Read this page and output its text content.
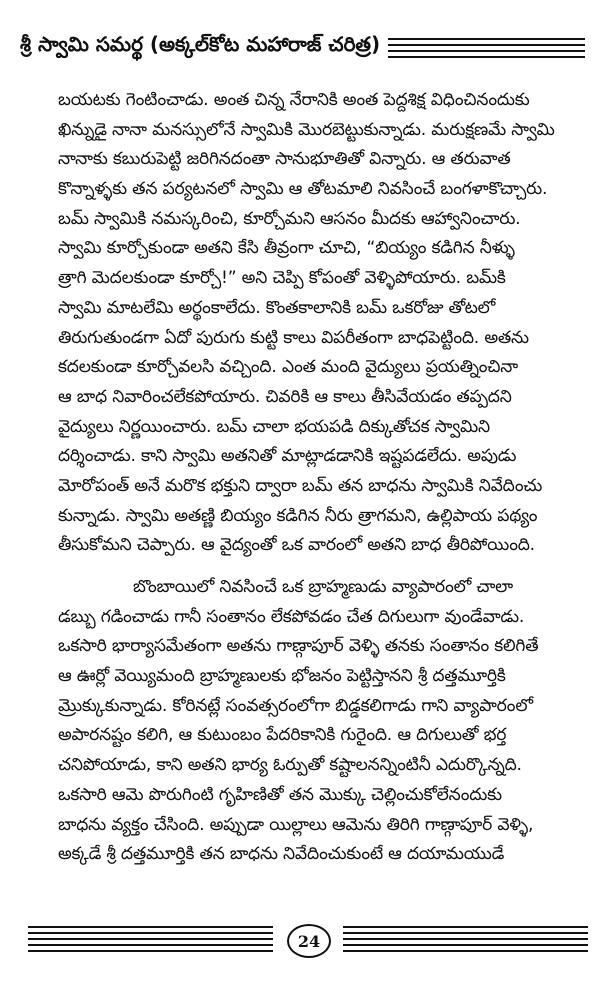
శ్రీ స్వామి సమర్థ (అక్కల్‌కోట మహారాజ్ చరిత్ర)
బయటకు గెంటించాడు. అంత చిన్న నేరానికి అంత పెద్దశిక్ష విధించినందుకు
ఖిన్నుడై నానా మనస్సులోనే స్వామికి మొరబెట్టుకున్నాడు. మరుక్షణమే స్వామి
నానాకు కబురుపెట్టి జరిగినదంతా సానుభూతితో విన్నారు. ఆ తరువాత
కొన్నాళ్ళకు తన పర్యటనలో స్వామి ఆ తోటమాలి నివసించే బంగళాకొచ్చారు.
బమ్ స్వామికి నమస్కరించి, కూర్చోమని ఆసనం మీదకు ఆహ్వానించారు.
స్వామి కూర్చోకుండా అతని కేసి తీవ్రంగా చూచి, “బియ్యం కడిగిన నీళ్ళు
త్రాగి మెదలకుండా కూర్చో!” అని చెప్పి కోపంతో వెళ్ళిపోయారు. బమ్‌కి
స్వామి మాటలేమి అర్థంకాలేదు. కొంతకాలానికి బమ్ ఒకరోజు తోటలో
తిరుగుతుండగా ఏదో పురుగు కుట్టి కాలు విపరీతంగా బాధపెట్టింది. అతను
కదలకుండా కూర్చోవలసి వచ్చింది. ఎంత మంది వైద్యులు ప్రయత్నించినా
ఆ బాధ నివారించలేకపోయారు. చివరికి ఆ కాలు తీసివేయడం తప్పదని
వైద్యులు నిర్ణయించారు. బమ్ చాలా భయపడి దిక్కుతోచక స్వామిని
దర్శించాడు. కాని స్వామి అతనితో మాట్లాడడానికి ఇష్టపడలేదు. అపుడు
మోరోపంత్ అనే మరొక భక్తుని ద్వారా బమ్ తన బాధను స్వామికి నివేదించు
కున్నాడు. స్వామి అతణ్ణి బియ్యం కడిగిన నీరు త్రాగమని, ఉల్లిపాయ పథ్యం
తీసుకోమని చెప్పారు. ఆ వైద్యంతో ఒక వారంలో అతని బాధ తీరిపోయింది.
బొంబాయిలో నివసించే ఒక బ్రాహ్మణుడు వ్యాపారంలో చాలా
డబ్బు గడించాడు గానీ సంతానం లేకపోవడం చేత దిగులుగా వుండేవాడు.
ఒకసారి భార్యాసమేతంగా అతను గాణ్గాపూర్ వెళ్ళి తనకు సంతానం కలిగితే
ఆ ఊర్లో వెయ్యిమంది బ్రాహ్మణులకు భోజనం పెట్టిస్తానని శ్రీ దత్తమూర్తికి
మ్రొక్కుకున్నాడు. కోరినట్లే సంవత్సరంలోగా బిడ్డకలిగాడు గాని వ్యాపారంలో
అపారనష్టం కలిగి, ఆ కుటుంబం పేదరికానికి గురైంది. ఆ దిగులుతో భర్త
చనిపోయాడు, కాని అతని భార్య ఓర్పుతో కష్టాలనన్నింటినీ ఎదుర్కొన్నది.
ఒకసారి ఆమె పొరుగింటి గృహిణితో తన మొక్కు చెల్లించుకోలేనందుకు
బాధను వ్యక్తం చేసింది. అప్పుడా యిల్లాలు ఆమెను తిరిగి గాణ్గాపూర్ వెళ్ళి,
అక్కడే శ్రీ దత్తమూర్తికి తన బాధను నివేదించుకుంటే ఆ దయామయుడే
24
